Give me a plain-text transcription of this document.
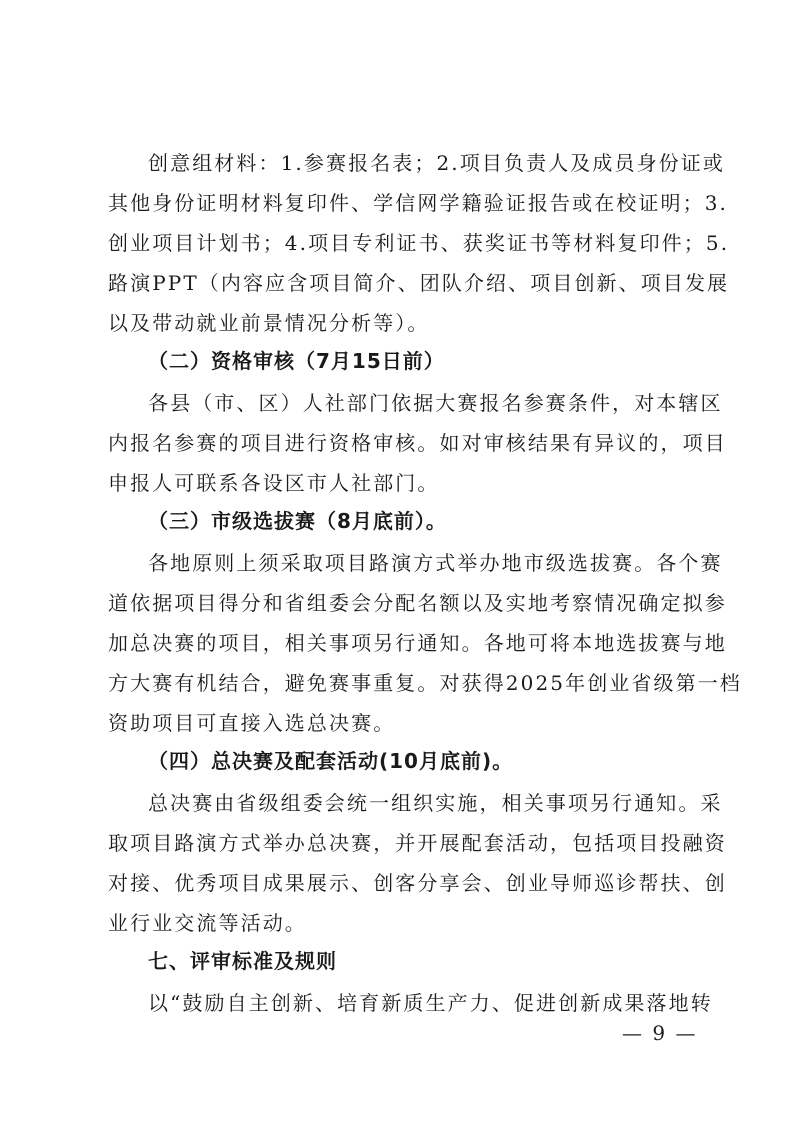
创意组材料：1.参赛报名表；2.项目负责人及成员身份证或
其他身份证明材料复印件、学信网学籍验证报告或在校证明；3.
创业项目计划书；4.项目专利证书、获奖证书等材料复印件；5.
路演PPT（内容应含项目简介、团队介绍、项目创新、项目发展
以及带动就业前景情况分析等）。
（二）资格审核（7月15日前）
各县（市、区）人社部门依据大赛报名参赛条件，对本辖区
内报名参赛的项目进行资格审核。如对审核结果有异议的，项目
申报人可联系各设区市人社部门。
（三）市级选拔赛（8月底前）。
各地原则上须采取项目路演方式举办地市级选拔赛。各个赛
道依据项目得分和省组委会分配名额以及实地考察情况确定拟参
加总决赛的项目，相关事项另行通知。各地可将本地选拔赛与地
方大赛有机结合，避免赛事重复。对获得2025年创业省级第一档
资助项目可直接入选总决赛。
（四）总决赛及配套活动(10月底前)。
总决赛由省级组委会统一组织实施，相关事项另行通知。采
取项目路演方式举办总决赛，并开展配套活动，包括项目投融资
对接、优秀项目成果展示、创客分享会、创业导师巡诊帮扶、创
业行业交流等活动。
七、评审标准及规则
以“鼓励自主创新、培育新质生产力、促进创新成果落地转
— 9 —
